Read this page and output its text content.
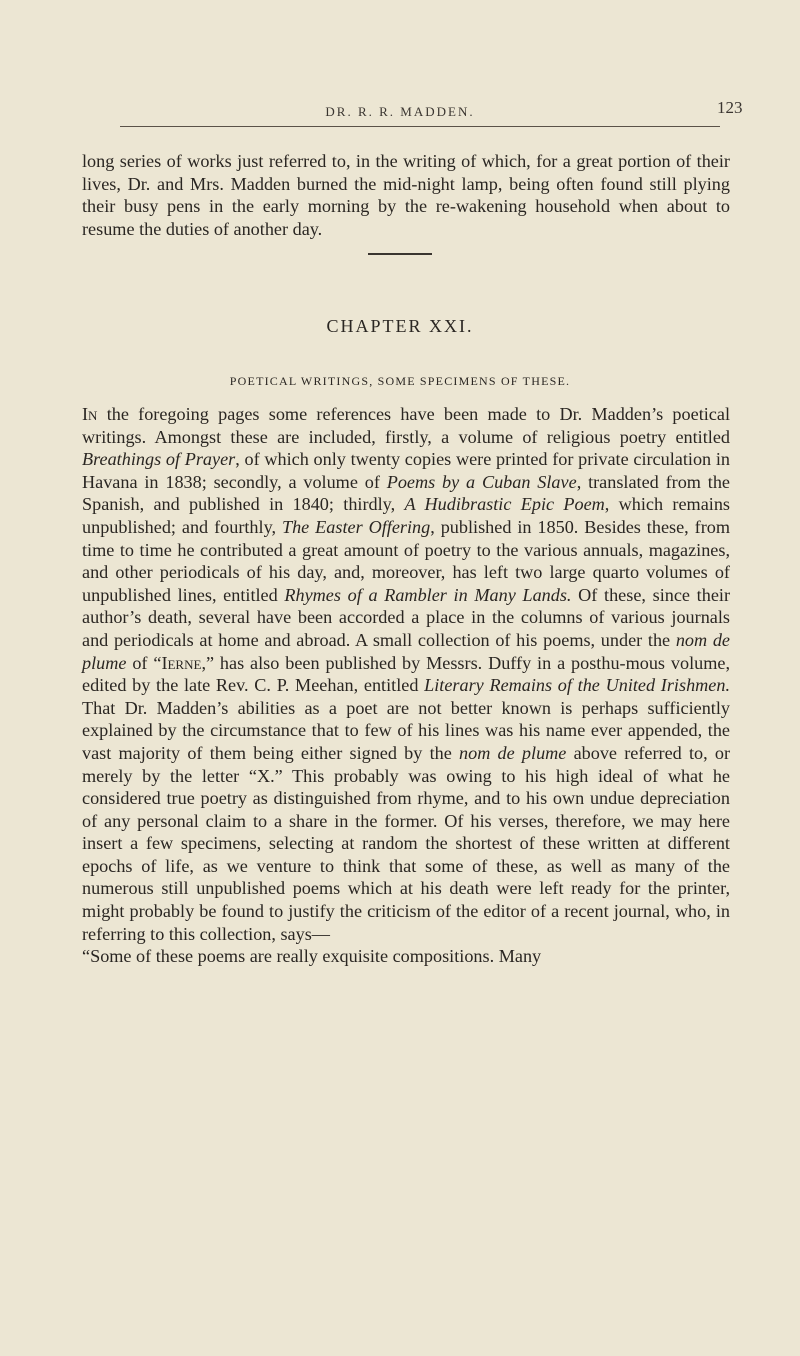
DR. R. R. MADDEN.	123

long series of works just referred to, in the writing of which, for a great portion of their lives, Dr. and Mrs. Madden burned the mid-night lamp, being often found still plying their busy pens in the early morning by the re-wakening household when about to resume the duties of another day.

CHAPTER XXI.
POETICAL WRITINGS, SOME SPECIMENS OF THESE.

In the foregoing pages some references have been made to Dr. Madden’s poetical writings. Amongst these are included, firstly, a volume of religious poetry entitled Breathings of Prayer, of which only twenty copies were printed for private circulation in Havana in 1838; secondly, a volume of Poems by a Cuban Slave, translated from the Spanish, and published in 1840; thirdly, A Hudibrastic Epic Poem, which remains unpublished; and fourthly, The Easter Offering, published in 1850. Besides these, from time to time he contributed a great amount of poetry to the various annuals, magazines, and other periodicals of his day, and, moreover, has left two large quarto volumes of unpublished lines, entitled Rhymes of a Rambler in Many Lands. Of these, since their author’s death, several have been accorded a place in the columns of various journals and periodicals at home and abroad. A small collection of his poems, under the nom de plume of “Ierne,” has also been published by Messrs. Duffy in a posthu-mous volume, edited by the late Rev. C. P. Meehan, entitled Literary Remains of the United Irishmen. That Dr. Madden’s abilities as a poet are not better known is perhaps sufficiently explained by the circumstance that to few of his lines was his name ever appended, the vast majority of them being either signed by the nom de plume above referred to, or merely by the letter “X.” This probably was owing to his high ideal of what he considered true poetry as distinguished from rhyme, and to his own undue depreciation of any personal claim to a share in the former. Of his verses, therefore, we may here insert a few specimens, selecting at random the shortest of these written at different epochs of life, as we venture to think that some of these, as well as many of the numerous still unpublished poems which at his death were left ready for the printer, might probably be found to justify the criticism of the editor of a recent journal, who, in referring to this collection, says—

“Some of these poems are really exquisite compositions. Many
